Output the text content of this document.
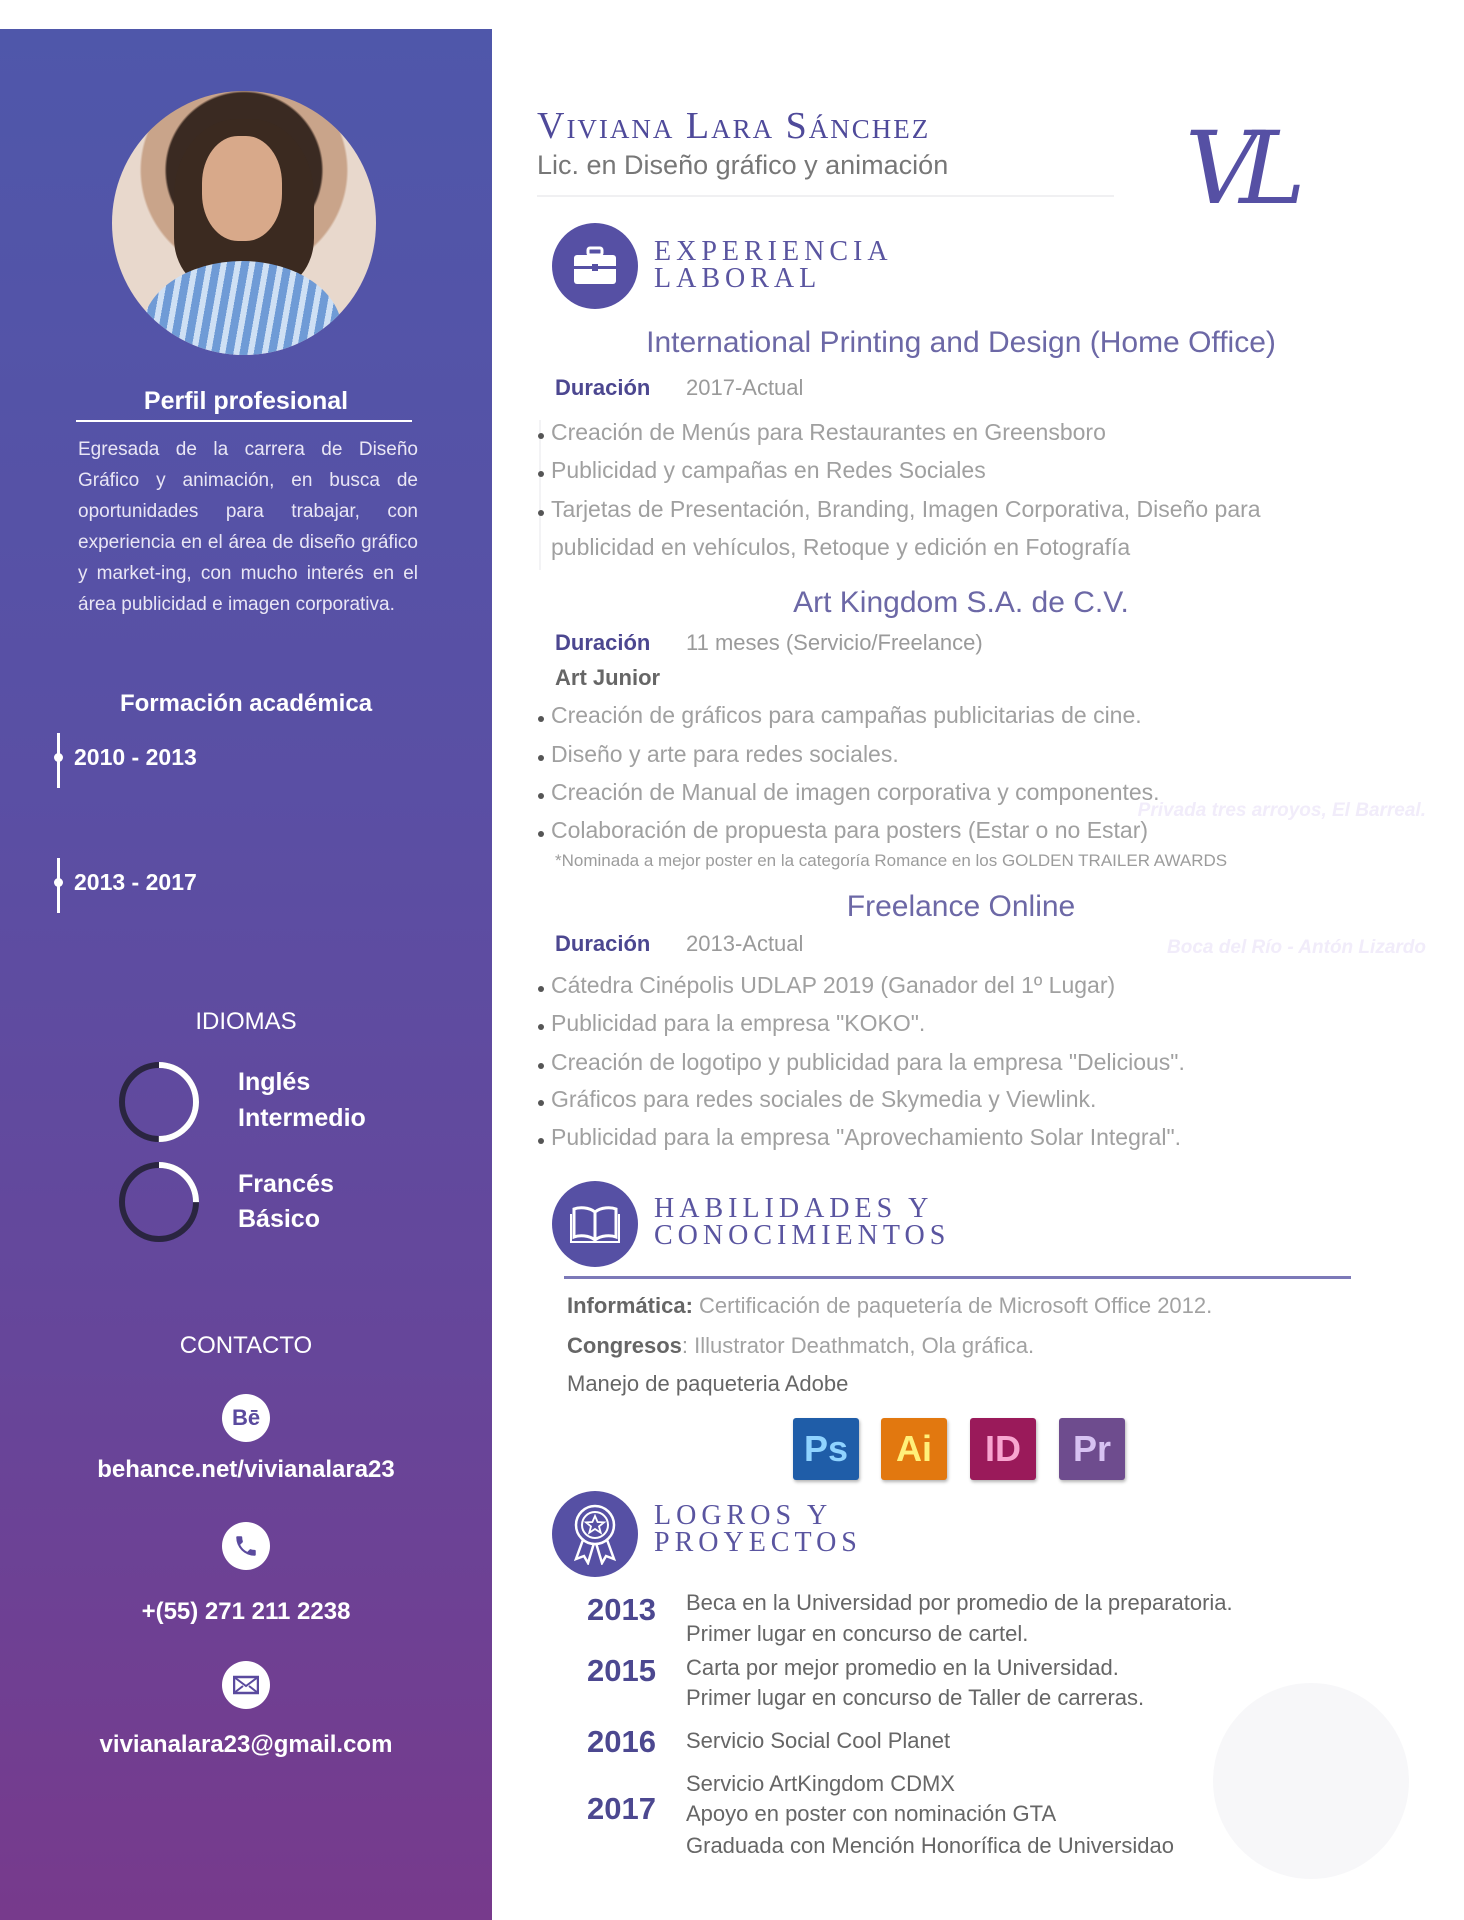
Perfil profesional
Egresada de la carrera de Diseño Gráfico y animación, en busca de oportunidades para trabajar, con experiencia en el área de diseño gráfico y market-ing, con mucho interés en el área publicidad e imagen corporativa.
Formación académica
2010 - 2013	Instituo Anglo
de Córdoba
Privada tres arroyos, El Barreal.
2013 - 2017	Universidad
TecMilenio
Boca del Río - Antón Lizardo
IDIOMAS
Inglés
Intermedio
Francés
Básico
CONTACTO
Bē
behance.net/vivianalara23
+(55) 271 211 2238
vivianalara23@gmail.com
Viviana Lara Sánchez
Lic. en Diseño gráfico y animación VL
EXPERIENCIA
LABORAL
International Printing and Design (Home Office)
Duración 2017-Actual
Creación de Menús para Restaurantes en Greensboro
Publicidad y campañas en Redes Sociales
Tarjetas de Presentación, Branding, Imagen Corporativa, Diseño para
publicidad en vehículos, Retoque y edición en Fotografía
Art Kingdom S.A. de C.V.
Duración 11 meses (Servicio/Freelance)
Art Junior
Creación de gráficos para campañas publicitarias de cine.
Diseño y arte para redes sociales.
Creación de Manual de imagen corporativa y componentes.
Colaboración de propuesta para posters (Estar o no Estar)
*Nominada a mejor poster en la categoría Romance en los GOLDEN TRAILER AWARDS
Freelance Online
Duración 2013-Actual
Cátedra Cinépolis UDLAP 2019 (Ganador del 1º Lugar)
Publicidad para la empresa "KOKO".
Creación de logotipo y publicidad para la empresa "Delicious".
Gráficos para redes sociales de Skymedia y Viewlink.
Publicidad para la empresa "Aprovechamiento Solar Integral".
HABILIDADES Y
CONOCIMIENTOS
Informática: Certificación de paquetería de Microsoft Office 2012.
Congresos: Illustrator Deathmatch, Ola gráfica.
Manejo de paqueteria Adobe
Ps	Ai	ID	Pr
LOGROS Y
PROYECTOS
2013 Beca en la Universidad por promedio de la preparatoria.
Primer lugar en concurso de cartel.
2015 Carta por mejor promedio en la Universidad.
Primer lugar en concurso de Taller de carreras.
2016 Servicio Social Cool Planet
2017
Servicio ArtKingdom CDMX
Apoyo en poster con nominación GTA
Graduada con Mención Honorífica de Universidao
